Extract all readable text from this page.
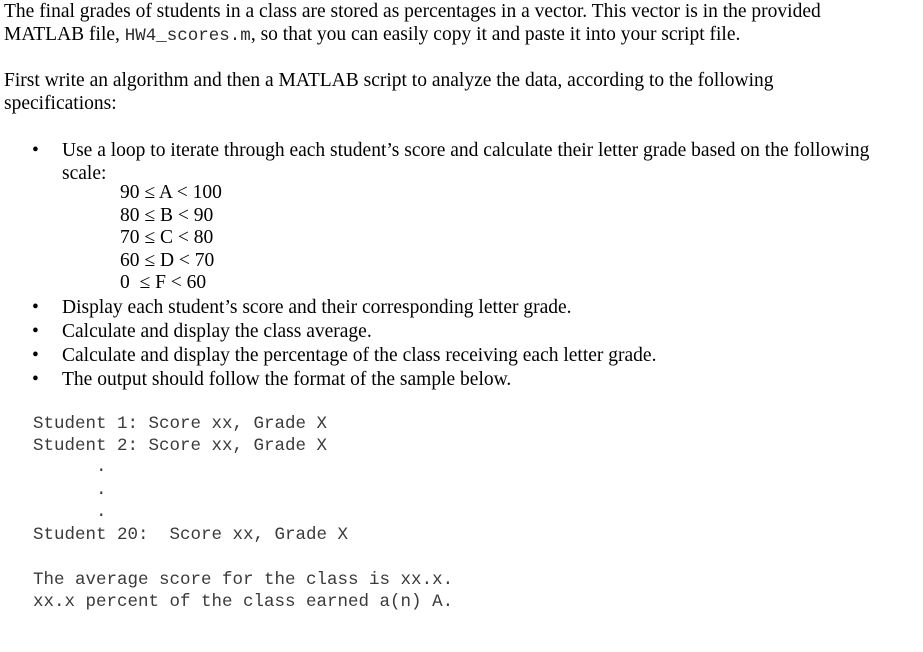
The final grades of students in a class are stored as percentages in a vector. This vector is in the provided
MATLAB file, HW4_scores.m, so that you can easily copy it and paste it into your script file.

First write an algorithm and then a MATLAB script to analyze the data, according to the following
specifications:

• Use a loop to iterate through each student’s score and calculate their letter grade based on the following
scale:
90 ≤ A < 100
80 ≤ B < 90
70 ≤ C < 80
60 ≤ D < 70
0  ≤ F < 60
• Display each student’s score and their corresponding letter grade.
• Calculate and display the class average.
• Calculate and display the percentage of the class receiving each letter grade.
• The output should follow the format of the sample below.
Student 1: Score xx, Grade X
Student 2: Score xx, Grade X
.
.
.
Student 20:  Score xx, Grade X
The average score for the class is xx.x.
xx.x percent of the class earned a(n) A.
